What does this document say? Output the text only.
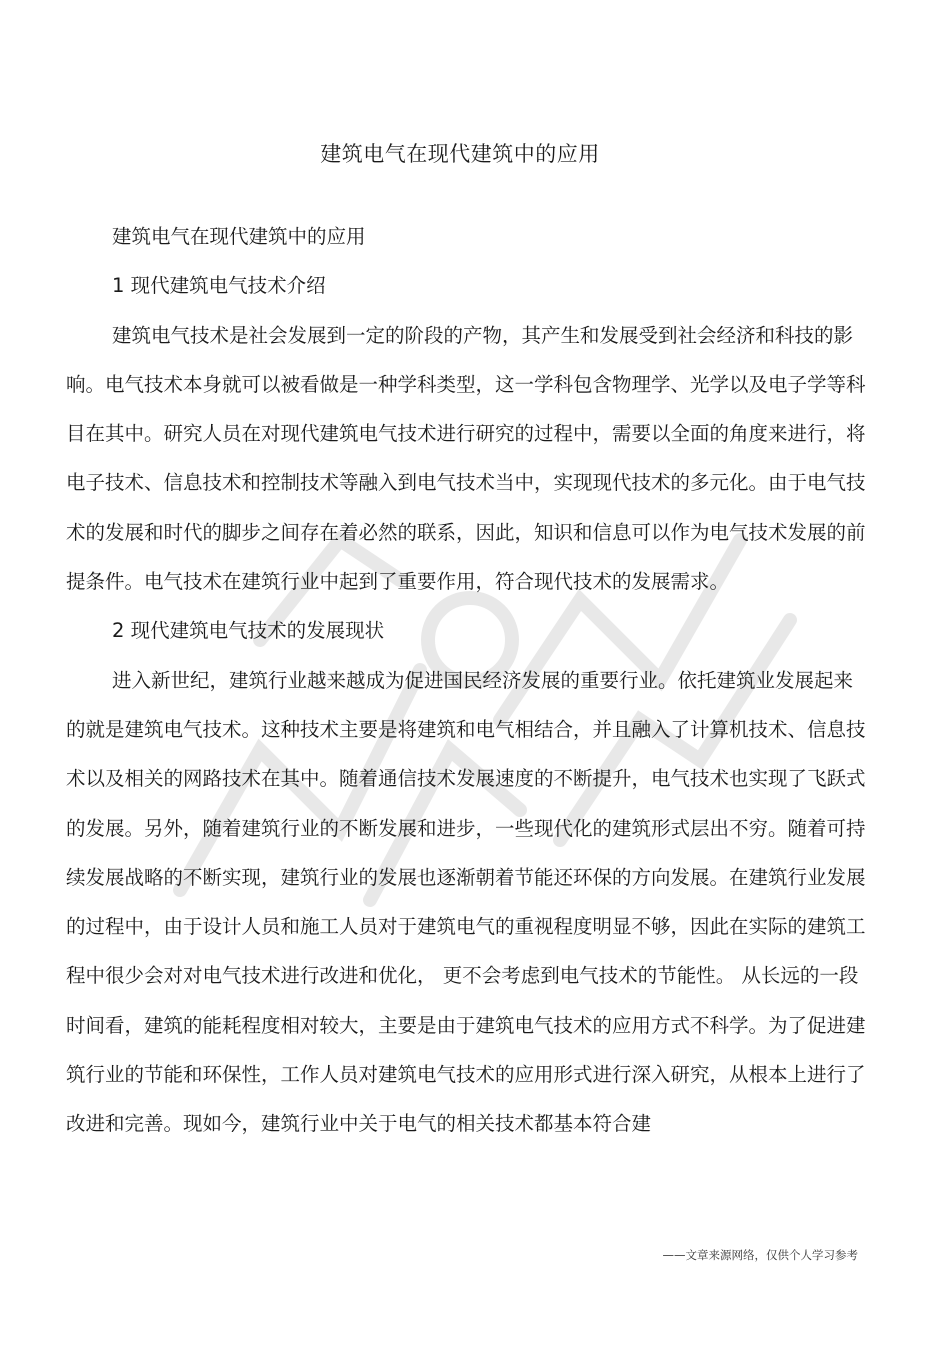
建筑电气在现代建筑中的应用

建筑电气在现代建筑中的应用

1 现代建筑电气技术介绍

建筑电气技术是社会发展到一定的阶段的产物，其产生和发展受到社会经济和科技的影响。电气技术本身就可以被看做是一种学科类型，这一学科包含物理学、光学以及电子学等科目在其中。研究人员在对现代建筑电气技术进行研究的过程中，需要以全面的角度来进行，将电子技术、信息技术和控制技术等融入到电气技术当中，实现现代技术的多元化。由于电气技术的发展和时代的脚步之间存在着必然的联系，因此，知识和信息可以作为电气技术发展的前提条件。电气技术在建筑行业中起到了重要作用，符合现代技术的发展需求。

2 现代建筑电气技术的发展现状

进入新世纪，建筑行业越来越成为促进国民经济发展的重要行业。依托建筑业发展起来的就是建筑电气技术。这种技术主要是将建筑和电气相结合，并且融入了计算机技术、信息技术以及相关的网路技术在其中。随着通信技术发展速度的不断提升，电气技术也实现了飞跃式的发展。另外，随着建筑行业的不断发展和进步，一些现代化的建筑形式层出不穷。随着可持续发展战略的不断实现，建筑行业的发展也逐渐朝着节能还环保的方向发展。在建筑行业发展的过程中，由于设计人员和施工人员对于建筑电气的重视程度明显不够，因此在实际的建筑工程中很少会对对电气技术进行改进和优化， 更不会考虑到电气技术的节能性。 从长远的一段时间看，建筑的能耗程度相对较大，主要是由于建筑电气技术的应用方式不科学。为了促进建筑行业的节能和环保性，工作人员对建筑电气技术的应用形式进行深入研究，从根本上进行了改进和完善。现如今，建筑行业中关于电气的相关技术都基本符合建

——文章来源网络，仅供个人学习参考
